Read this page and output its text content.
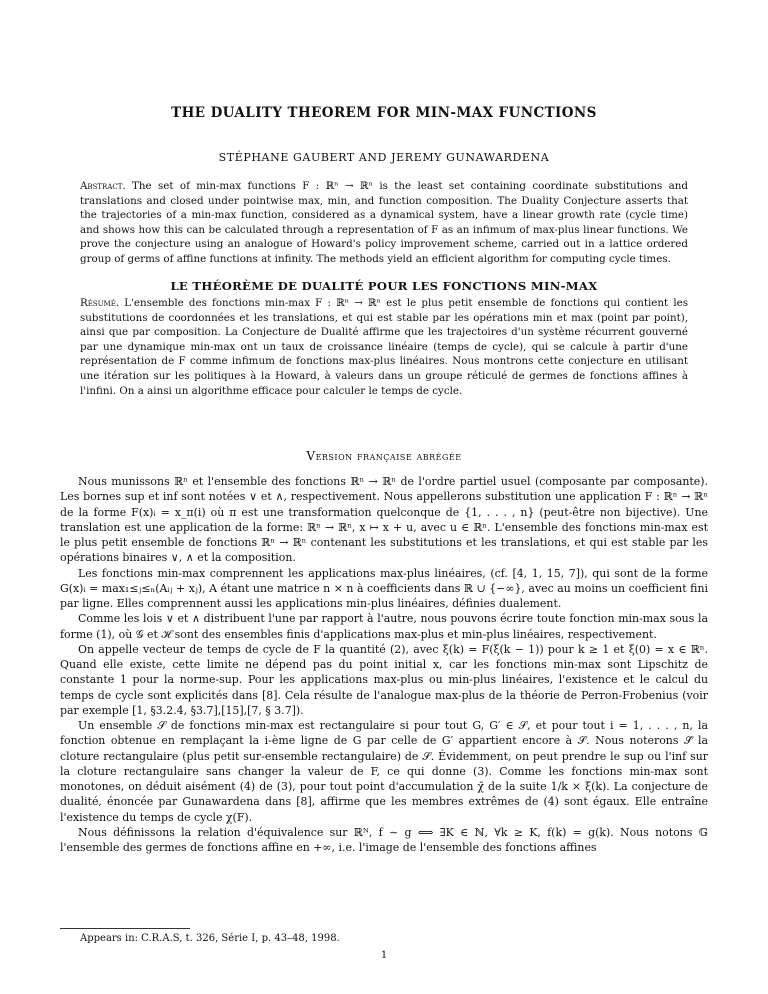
THE DUALITY THEOREM FOR MIN-MAX FUNCTIONS
STÉPHANE GAUBERT AND JEREMY GUNAWARDENA
Abstract. The set of min-max functions F : ℝⁿ → ℝⁿ is the least set containing coordinate substitutions and translations and closed under pointwise max, min, and function composition. The Duality Conjecture asserts that the trajectories of a min-max function, considered as a dynamical system, have a linear growth rate (cycle time) and shows how this can be calculated through a representation of F as an infimum of max-plus linear functions. We prove the conjecture using an analogue of Howard's policy improvement scheme, carried out in a lattice ordered group of germs of affine functions at infinity. The methods yield an efficient algorithm for computing cycle times.
LE THÉORÈME DE DUALITÉ POUR LES FONCTIONS MIN-MAX
Résumé. L'ensemble des fonctions min-max F : ℝⁿ → ℝⁿ est le plus petit ensemble de fonctions qui contient les substitutions de coordonnées et les translations, et qui est stable par les opérations min et max (point par point), ainsi que par composition. La Conjecture de Dualité affirme que les trajectoires d'un système récurrent gouverné par une dynamique min-max ont un taux de croissance linéaire (temps de cycle), qui se calcule à partir d'une représentation de F comme infimum de fonctions max-plus linéaires. Nous montrons cette conjecture en utilisant une itération sur les politiques à la Howard, à valeurs dans un groupe réticulé de germes de fonctions affines à l'infini. On a ainsi un algorithme efficace pour calculer le temps de cycle.
Version française abrégée

Nous munissons ℝⁿ et l'ensemble des fonctions ℝⁿ → ℝⁿ de l'ordre partiel usuel (composante par composante). Les bornes sup et inf sont notées ∨ et ∧, respectivement. Nous appellerons substitution une application F : ℝⁿ → ℝⁿ de la forme F(x)ᵢ = x_π(i) où π est une transformation quelconque de {1, . . . , n} (peut-être non bijective). Une translation est une application de la forme: ℝⁿ → ℝⁿ, x ↦ x + u, avec u ∈ ℝⁿ. L'ensemble des fonctions min-max est le plus petit ensemble de fonctions ℝⁿ → ℝⁿ contenant les substitutions et les translations, et qui est stable par les opérations binaires ∨, ∧ et la composition.

Les fonctions min-max comprennent les applications max-plus linéaires, (cf. [4, 1, 15, 7]), qui sont de la forme G(x)ᵢ = max₁≤ⱼ≤ₙ(Aᵢⱼ + xⱼ), A étant une matrice n × n à coefficients dans ℝ ∪ {−∞}, avec au moins un coefficient fini par ligne. Elles comprennent aussi les applications min-plus linéaires, définies dualement.

Comme les lois ∨ et ∧ distribuent l'une par rapport à l'autre, nous pouvons écrire toute fonction min-max sous la forme (1), où 𝒢 et ℋ sont des ensembles finis d'applications max-plus et min-plus linéaires, respectivement.

On appelle vecteur de temps de cycle de F la quantité (2), avec ξ(k) = F(ξ(k − 1)) pour k ≥ 1 et ξ(0) = x ∈ ℝⁿ. Quand elle existe, cette limite ne dépend pas du point initial x, car les fonctions min-max sont Lipschitz de constante 1 pour la norme-sup. Pour les applications max-plus ou min-plus linéaires, l'existence et le calcul du temps de cycle sont explicités dans [8]. Cela résulte de l'analogue max-plus de la théorie de Perron-Frobenius (voir par exemple [1, §3.2.4, §3.7],[15],[7, § 3.7]).

Un ensemble 𝒮 de fonctions min-max est rectangulaire si pour tout G, G′ ∈ 𝒮, et pour tout i = 1, . . . , n, la fonction obtenue en remplaçant la i-ème ligne de G par celle de G′ appartient encore à 𝒮. Nous noterons 𝒮̄ la cloture rectangulaire (plus petit sur-ensemble rectangulaire) de 𝒮. Évidemment, on peut prendre le sup ou l'inf sur la cloture rectangulaire sans changer la valeur de F, ce qui donne (3). Comme les fonctions min-max sont monotones, on déduit aisément (4) de (3), pour tout point d'accumulation χ̄ de la suite 1/k × ξ(k). La conjecture de dualité, énoncée par Gunawardena dans [8], affirme que les membres extrêmes de (4) sont égaux. Elle entraîne l'existence du temps de cycle χ(F).

Nous définissons la relation d'équivalence sur ℝᴺ, f ∼ g ⟺ ∃K ∈ ℕ, ∀k ≥ K, f(k) = g(k). Nous notons 𝔾 l'ensemble des germes de fonctions affine en +∞, i.e. l'image de l'ensemble des fonctions affines

Appears in: C.R.A.S, t. 326, Série I, p. 43–48, 1998.
1
